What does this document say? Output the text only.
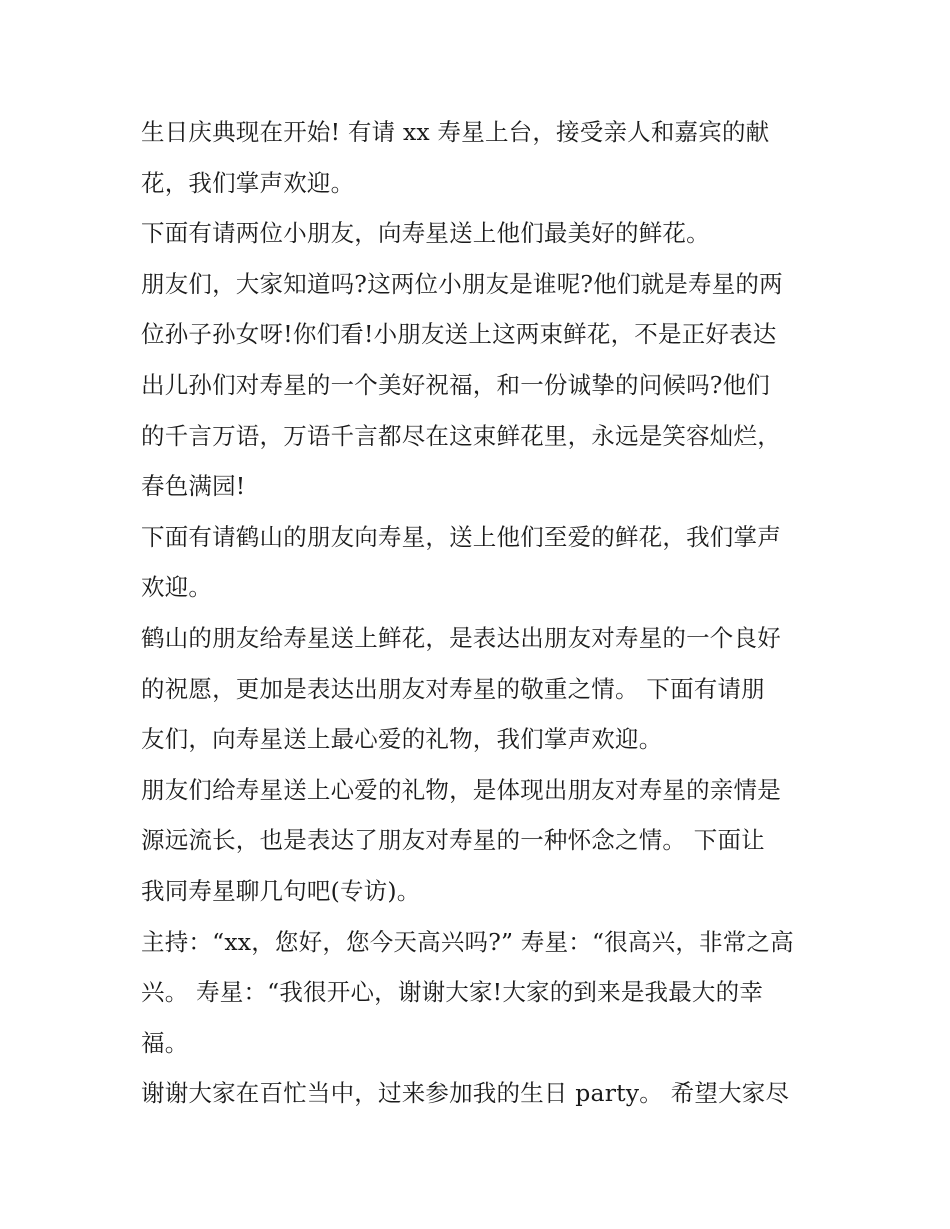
生日庆典现在开始! 有请 xx 寿星上台，接受亲人和嘉宾的献
花，我们掌声欢迎。
下面有请两位小朋友，向寿星送上他们最美好的鲜花。
朋友们，大家知道吗?这两位小朋友是谁呢?他们就是寿星的两
位孙子孙女呀!你们看!小朋友送上这两束鲜花，不是正好表达
出儿孙们对寿星的一个美好祝福，和一份诚挚的问候吗?他们
的千言万语，万语千言都尽在这束鲜花里，永远是笑容灿烂，
春色满园!
下面有请鹤山的朋友向寿星，送上他们至爱的鲜花，我们掌声
欢迎。
鹤山的朋友给寿星送上鲜花，是表达出朋友对寿星的一个良好
的祝愿，更加是表达出朋友对寿星的敬重之情。 下面有请朋
友们，向寿星送上最心爱的礼物，我们掌声欢迎。
朋友们给寿星送上心爱的礼物，是体现出朋友对寿星的亲情是
源远流长，也是表达了朋友对寿星的一种怀念之情。 下面让
我同寿星聊几句吧(专访)。
主持：“xx，您好，您今天高兴吗?” 寿星：“很高兴，非常之高
兴。 寿星：“我很开心，谢谢大家!大家的到来是我最大的幸
福。
谢谢大家在百忙当中，过来参加我的生日 party。 希望大家尽
